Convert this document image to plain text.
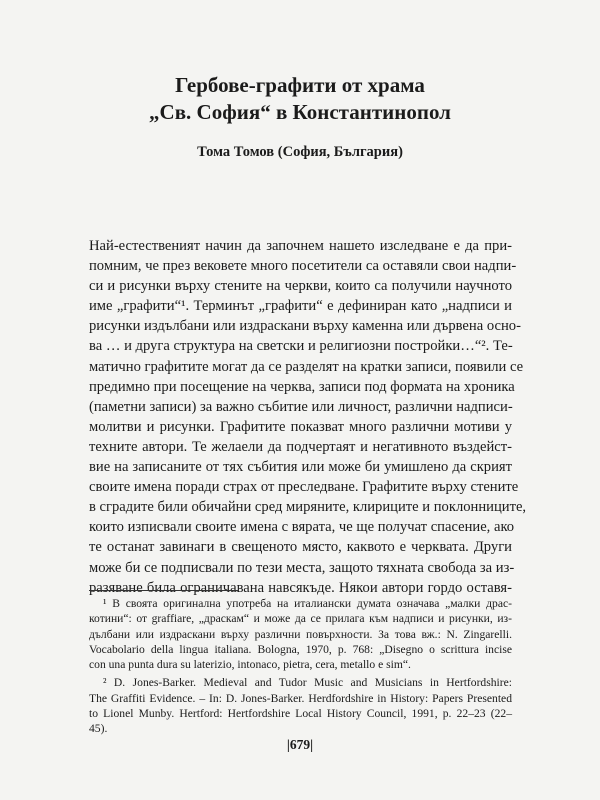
Гербове-графити от храма
„Св. София“ в Константинопол

Тома Томов (София, България)

Най-естественият начин да започнем нашето изследване е да при-
помним, че през вековете много посетители са оставяли свои надпи-
си и рисунки върху стените на черкви, които са получили научното
име „графити“¹. Терминът „графити“ е дефиниран като „надписи и
рисунки издълбани или издраскани върху каменна или дървена осно-
ва … и друга структура на светски и религиозни постройки…“². Те-
матично графитите могат да се разделят на кратки записи, появили се
предимно при посещение на черква, записи под формата на хроника
(паметни записи) за важно събитие или личност, различни надписи-
молитви и рисунки. Графитите показват много различни мотиви у
техните автори. Те желаели да подчертаят и негативното въздейст-
вие на записаните от тях събития или може би умишлено да скрият
своите имена поради страх от преследване. Графитите върху стените
в сградите били обичайни сред миряните, клириците и поклонниците,
които изписвали своите имена с вярата, че ще получат спасение, ако
те останат завинаги в свещеното място, каквото е черквата. Други
може би се подписвали по тези места, защото тяхната свобода за из-
разяване била ограничавана навсякъде. Някои автори гордо оставя-
¹ В своята оригинална употреба на италиански думата означава „малки драс-
котини“: от graffiare, „драскам“ и може да се прилага към надписи и рисунки, из-
дълбани или издраскани върху различни повърхности. За това вж.: N. Zingarelli.
Vocabolario della lingua italiana. Bologna, 1970, p. 768: „Disegno o scrittura incise
con una punta dura su laterizio, intonaco, pietra, cera, metallo e sim“.
² D. Jones-Barker. Medieval and Tudor Music and Musicians in Hertfordshire:
The Graffiti Evidence. – In: D. Jones-Barker. Herdfordshire in History: Papers Presented
to Lionel Munby. Hertford: Hertfordshire Local History Council, 1991, p. 22–23 (22–
45).
|679|
